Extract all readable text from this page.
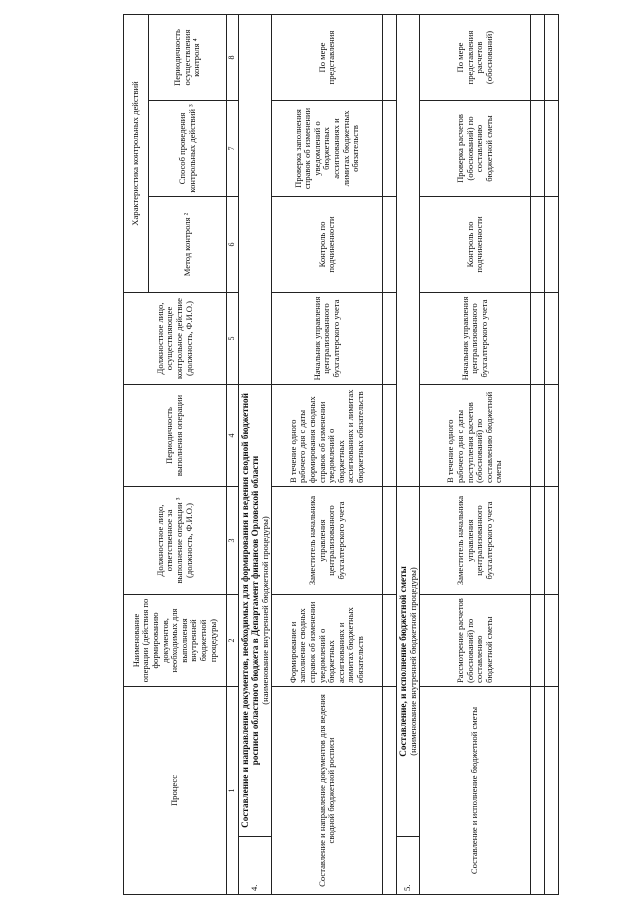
Процесс		Наименование операции (действия по формированию документов, необходимых для выполнения внутренней бюджетной процедуры)	Должностное лицо, ответственное за выполнение операции ³ (должность, Ф.И.О.)	Периодичность выполнения операции	Должностное лицо, осуществляющее контрольное действие (должность, Ф.И.О.)	Характеристика контрольных действий			
						Метод контроля ²	Способ проведения контрольных действий ³	Периодичность осуществления контроля ⁴	
1		2	3	4	5	6	7	8	
4.	Составление и направление документов, необходимых для формирования и ведения сводной бюджетной росписи областного бюджета в Департамент финансов Орловской области (наименование внутренней бюджетной процедуры)								

Составление и направление документов для ведения сводной бюджетной росписи		Формирование и заполнение сводных справок об изменении уведомлений о бюджетных ассигнованиях и лимитах бюджетных обязательств	Заместитель начальника управления централизованного бухгалтерского учета	В течение одного рабочего дня с даты формирования сводных справок об изменении уведомлений о бюджетных ассигнованиях и лимитах бюджетных обязательств	Начальник управления централизованного бухгалтерского учета	Контроль по подчиненности	Проверка заполнения справок об изменении уведомлений о бюджетных ассигнованиях и лимитах бюджетных обязательств	По мере представления	

5.	Составление, и исполнение бюджетной сметы (наименование внутренней бюджетной процедуры)								

Составление и исполнение бюджетной сметы		Рассмотрение расчетов (обоснований) по составлению бюджетной сметы	Заместитель начальника управления централизованного бухгалтерского учета	В течение одного рабочего дня с даты поступления расчетов (обоснований) по составлению бюджетной сметы	Начальник управления централизованного бухгалтерского учета	Контроль по подчиненности	Проверка расчетов (обоснований) по составлению бюджетной сметы	По мере представления расчетов (обоснований)	
